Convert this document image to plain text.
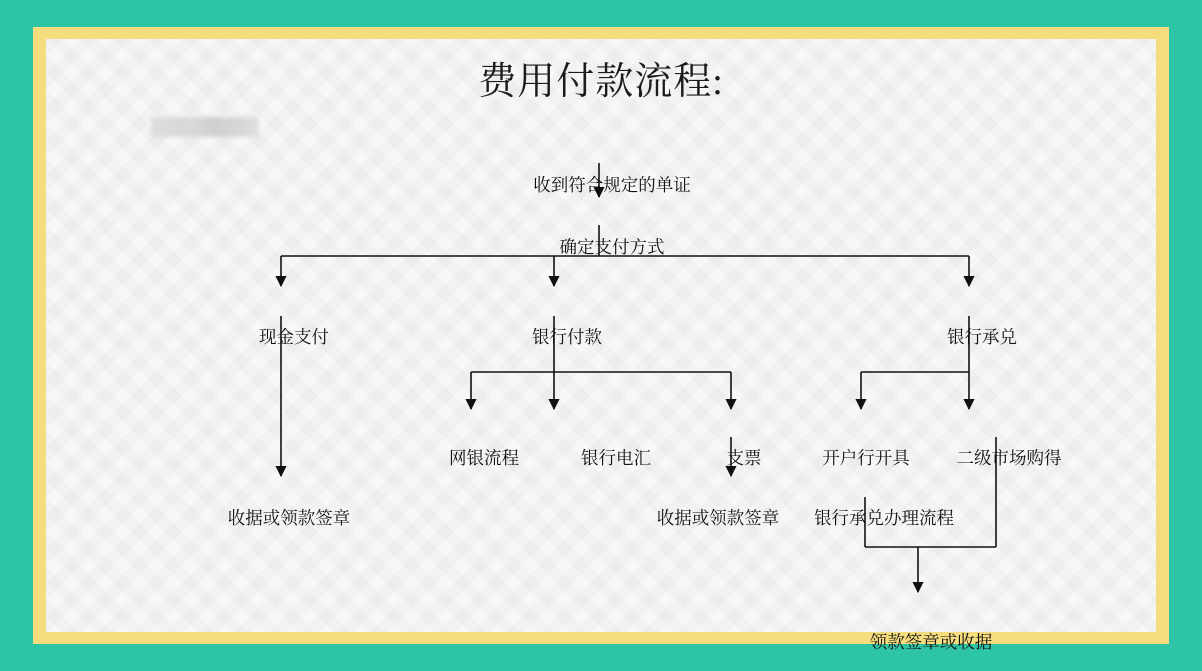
费用付款流程:
收到符合规定的单证
确定支付方式
现金支付	银行付款	银行承兑
网银流程	银行电汇	支票	开户行开具	二级市场购得
收据或领款签章	收据或领款签章 银行承兑办理流程
领款签章或收据
